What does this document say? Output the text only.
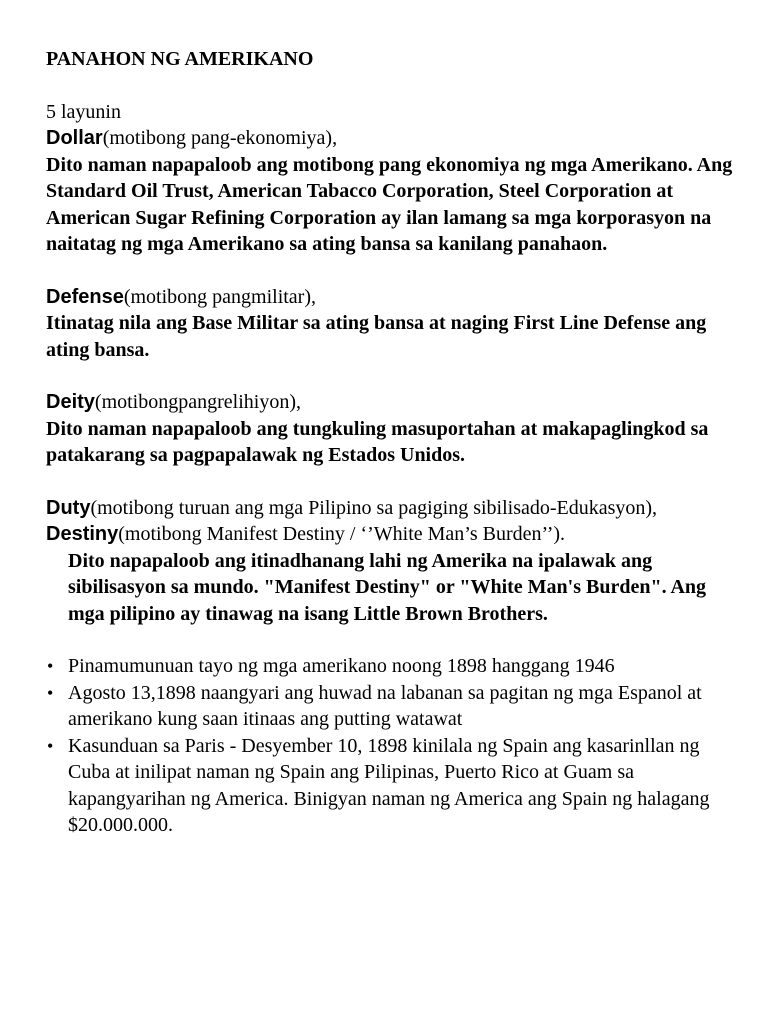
PANAHON NG AMERIKANO
5 layunin
Dollar(motibong pang-ekonomiya),
Dito naman napapaloob ang motibong pang ekonomiya ng mga Amerikano. Ang Standard Oil Trust, American Tabacco Corporation, Steel Corporation at American Sugar Refining Corporation ay ilan lamang sa mga korporasyon na naitatag ng mga Amerikano sa ating bansa sa kanilang panahaon.
Defense(motibong pangmilitar),
Itinatag nila ang Base Militar sa ating bansa at naging First Line Defense ang ating bansa.
Deity(motibongpangrelihiyon),
Dito naman napapaloob ang tungkuling masuportahan at makapaglingkod sa patakarang sa pagpapalawak ng Estados Unidos.
Duty(motibong turuan ang mga Pilipino sa pagiging sibilisado-Edukasyon), Destiny(motibong Manifest Destiny / ‘’White Man’s Burden’’).
Dito napapaloob ang itinadhanang lahi ng Amerika na ipalawak ang sibilisasyon sa mundo. "Manifest Destiny" or "White Man's Burden". Ang mga pilipino ay tinawag na isang Little Brown Brothers.
• Pinamumunuan tayo ng mga amerikano noong 1898 hanggang 1946
• Agosto 13,1898 naangyari ang huwad na labanan sa pagitan ng mga Espanol at amerikano kung saan itinaas ang putting watawat
• Kasunduan sa Paris - Desyember 10, 1898 kinilala ng Spain ang kasarinllan ng Cuba at inilipat naman ng Spain ang Pilipinas, Puerto Rico at Guam sa kapangyarihan ng America. Binigyan naman ng America ang Spain ng halagang $20.000.000.
